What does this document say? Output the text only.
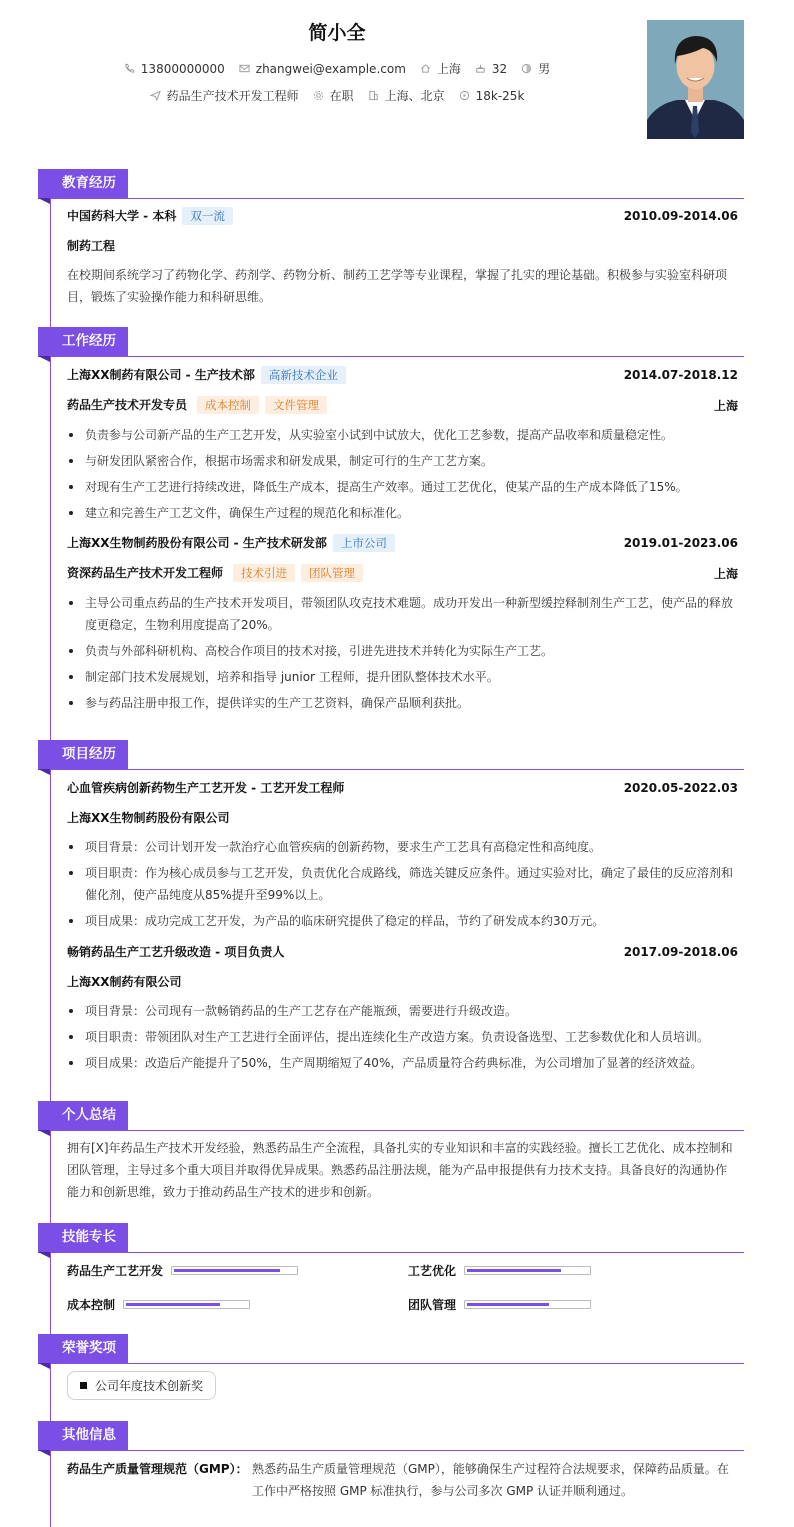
简小全
13800000000	zhangwei@example.com	上海	32	男
药品生产技术开发工程师	在职	上海、北京	18k-25k
教育经历
中国药科大学 - 本科 双一流	2010.09-2014.06
制药工程
在校期间系统学习了药物化学、药剂学、药物分析、制药工艺学等专业课程，掌握了扎实的理论基础。积极参与实验室科研项目，锻炼了实验操作能力和科研思维。
工作经历
上海XX制药有限公司 - 生产技术部 高新技术企业	2014.07-2018.12
药品生产技术开发专员 成本控制 文件管理	上海
负责参与公司新产品的生产工艺开发，从实验室小试到中试放大，优化工艺参数，提高产品收率和质量稳定性。
与研发团队紧密合作，根据市场需求和研发成果，制定可行的生产工艺方案。
对现有生产工艺进行持续改进，降低生产成本，提高生产效率。通过工艺优化，使某产品的生产成本降低了15%。
建立和完善生产工艺文件，确保生产过程的规范化和标准化。
上海XX生物制药股份有限公司 - 生产技术研发部 上市公司	2019.01-2023.06
资深药品生产技术开发工程师 技术引进 团队管理	上海
主导公司重点药品的生产技术开发项目，带领团队攻克技术难题。成功开发出一种新型缓控释制剂生产工艺，使产品的释放度更稳定，生物利用度提高了20%。
负责与外部科研机构、高校合作项目的技术对接，引进先进技术并转化为实际生产工艺。
制定部门技术发展规划，培养和指导 junior 工程师，提升团队整体技术水平。
参与药品注册申报工作，提供详实的生产工艺资料，确保产品顺利获批。
项目经历
心血管疾病创新药物生产工艺开发 - 工艺开发工程师	2020.05-2022.03
上海XX生物制药股份有限公司
项目背景：公司计划开发一款治疗心血管疾病的创新药物，要求生产工艺具有高稳定性和高纯度。
项目职责：作为核心成员参与工艺开发，负责优化合成路线，筛选关键反应条件。通过实验对比，确定了最佳的反应溶剂和催化剂，使产品纯度从85%提升至99%以上。
项目成果：成功完成工艺开发，为产品的临床研究提供了稳定的样品，节约了研发成本约30万元。
畅销药品生产工艺升级改造 - 项目负责人	2017.09-2018.06
上海XX制药有限公司
项目背景：公司现有一款畅销药品的生产工艺存在产能瓶颈，需要进行升级改造。
项目职责：带领团队对生产工艺进行全面评估，提出连续化生产改造方案。负责设备选型、工艺参数优化和人员培训。
项目成果：改造后产能提升了50%，生产周期缩短了40%，产品质量符合药典标准，为公司增加了显著的经济效益。
个人总结
拥有[X]年药品生产技术开发经验，熟悉药品生产全流程，具备扎实的专业知识和丰富的实践经验。擅长工艺优化、成本控制和团队管理，主导过多个重大项目并取得优异成果。熟悉药品注册法规，能为产品申报提供有力技术支持。具备良好的沟通协作能力和创新思维，致力于推动药品生产技术的进步和创新。
技能专长
药品生产工艺开发	工艺优化
成本控制	团队管理
荣誉奖项
公司年度技术创新奖
其他信息
药品生产质量管理规范（GMP）： 熟悉药品生产质量管理规范（GMP），能够确保生产过程符合法规要求，保障药品质量。在工作中严格按照 GMP 标准执行，参与公司多次 GMP 认证并顺利通过。
